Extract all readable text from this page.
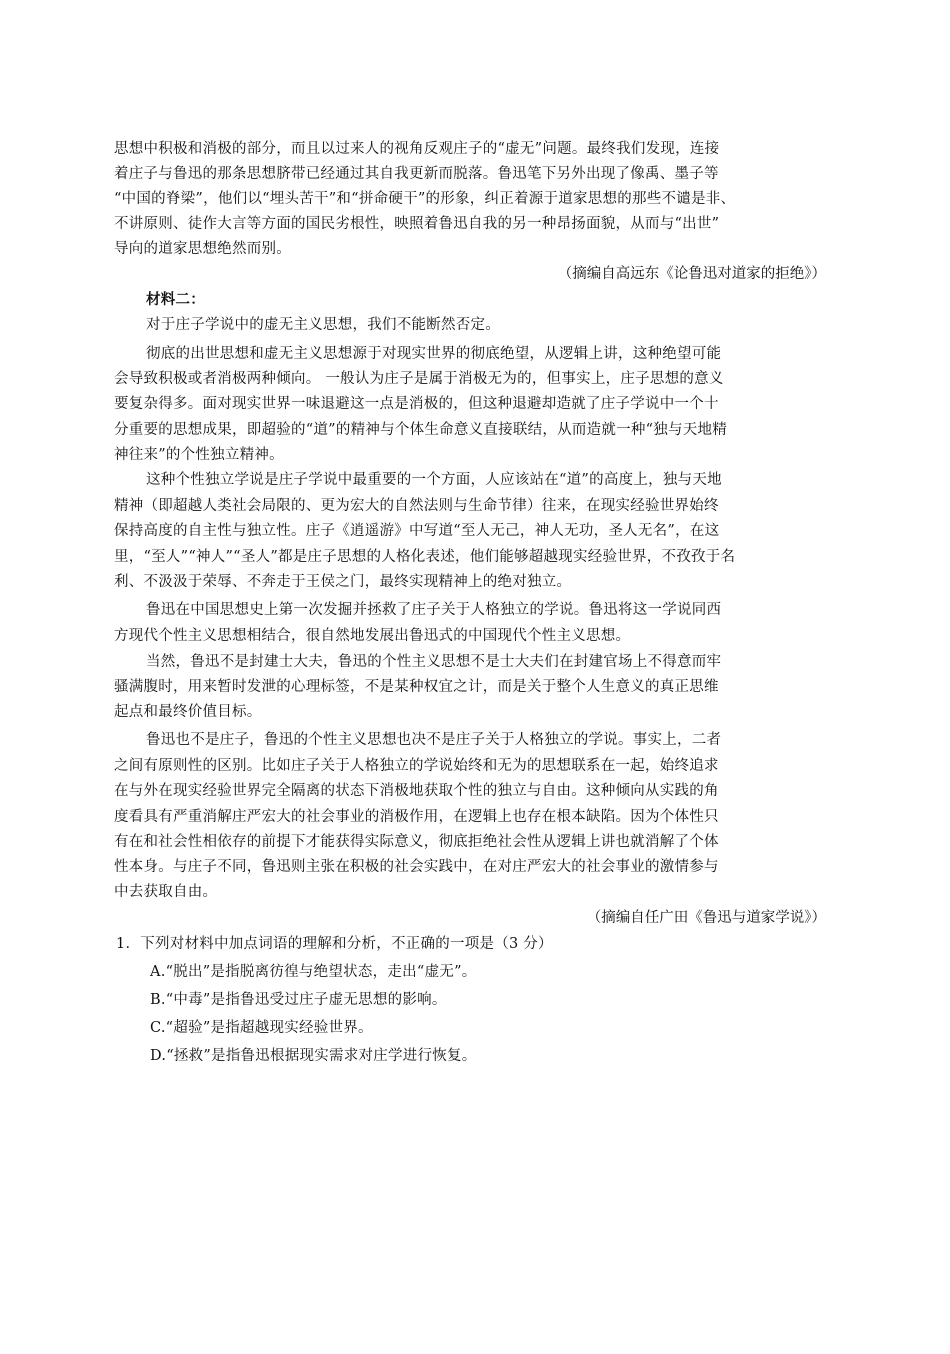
思想中积极和消极的部分，而且以过来人的视角反观庄子的“虚无”问题。最终我们发现，连接
着庄子与鲁迅的那条思想脐带已经通过其自我更新而脱落。鲁迅笔下另外出现了像禹、墨子等
“中国的脊梁”，他们以“埋头苦干”和“拼命硬干”的形象，纠正着源于道家思想的那些不谴是非、
不讲原则、徒作大言等方面的国民劣根性，映照着鲁迅自我的另一种昂扬面貌，从而与“出世”
导向的道家思想绝然而别。
（摘编自高远东《论鲁迅对道家的拒绝》）
材料二：
对于庄子学说中的虚无主义思想，我们不能断然否定。
彻底的出世思想和虚无主义思想源于对现实世界的彻底绝望，从逻辑上讲，这种绝望可能
会导致积极或者消极两种倾向。 一般认为庄子是属于消极无为的，但事实上，庄子思想的意义
要复杂得多。面对现实世界一味退避这一点是消极的，但这种退避却造就了庄子学说中一个十
分重要的思想成果，即超验的“道”的精神与个体生命意义直接联结，从而造就一种“独与天地精
神往来”的个性独立精神。
这种个性独立学说是庄子学说中最重要的一个方面，人应该站在“道”的高度上，独与天地
精神（即超越人类社会局限的、更为宏大的自然法则与生命节律）往来，在现实经验世界始终
保持高度的自主性与独立性。庄子《逍遥游》中写道“至人无己，神人无功，圣人无名”，在这
里，“至人”“神人”“圣人”都是庄子思想的人格化表述，他们能够超越现实经验世界，不孜孜于名
利、不汲汲于荣辱、不奔走于王侯之门，最终实现精神上的绝对独立。
鲁迅在中国思想史上第一次发掘并拯救了庄子关于人格独立的学说。鲁迅将这一学说同西
方现代个性主义思想相结合，很自然地发展出鲁迅式的中国现代个性主义思想。
当然，鲁迅不是封建士大夫，鲁迅的个性主义思想不是士大夫们在封建官场上不得意而牢
骚满腹时，用来暂时发泄的心理标签，不是某种权宜之计，而是关于整个人生意义的真正思维
起点和最终价值目标。
鲁迅也不是庄子，鲁迅的个性主义思想也决不是庄子关于人格独立的学说。事实上，二者
之间有原则性的区别。比如庄子关于人格独立的学说始终和无为的思想联系在一起，始终追求
在与外在现实经验世界完全隔离的状态下消极地获取个性的独立与自由。这种倾向从实践的角
度看具有严重消解庄严宏大的社会事业的消极作用，在逻辑上也存在根本缺陷。因为个体性只
有在和社会性相依存的前提下才能获得实际意义，彻底拒绝社会性从逻辑上讲也就消解了个体
性本身。与庄子不同，鲁迅则主张在积极的社会实践中，在对庄严宏大的社会事业的激情参与
中去获取自由。
（摘编自任广田《鲁迅与道家学说》）
1．下列对材料中加点词语的理解和分析，不正确的一项是（3 分）
A.“脱出”是指脱离彷徨与绝望状态，走出“虚无”。
B.“中毒”是指鲁迅受过庄子虚无思想的影响。
C.“超验”是指超越现实经验世界。
D.“拯救”是指鲁迅根据现实需求对庄学进行恢复。
